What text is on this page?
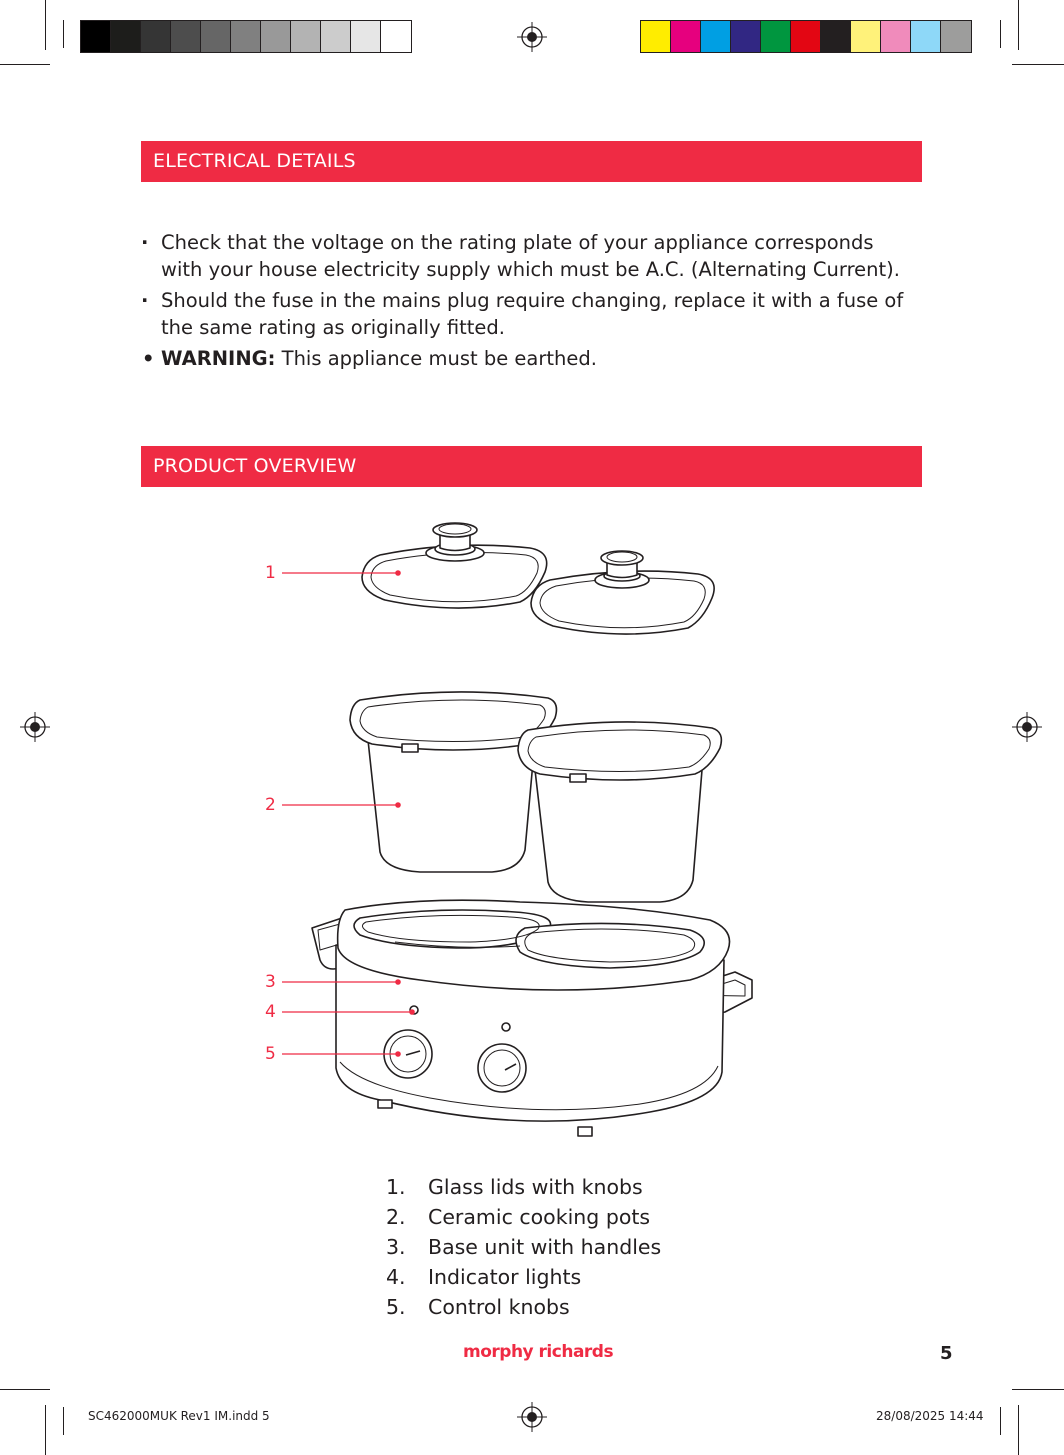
ELECTRICAL DETAILS
· Check that the voltage on the rating plate of your appliance corresponds with your house electricity supply which must be A.C. (Alternating Current).
· Should the fuse in the mains plug require changing, replace it with a fuse of the same rating as originally fitted.
• WARNING: This appliance must be earthed.
PRODUCT OVERVIEW
1
2
3
4
5
1.	Glass lids with knobs
2.	Ceramic cooking pots
3.	Base unit with handles
4.	Indicator lights
5.	Control knobs
morphy richards	5
SC462000MUK Rev1 IM.indd 5	28/08/2025 14:44
